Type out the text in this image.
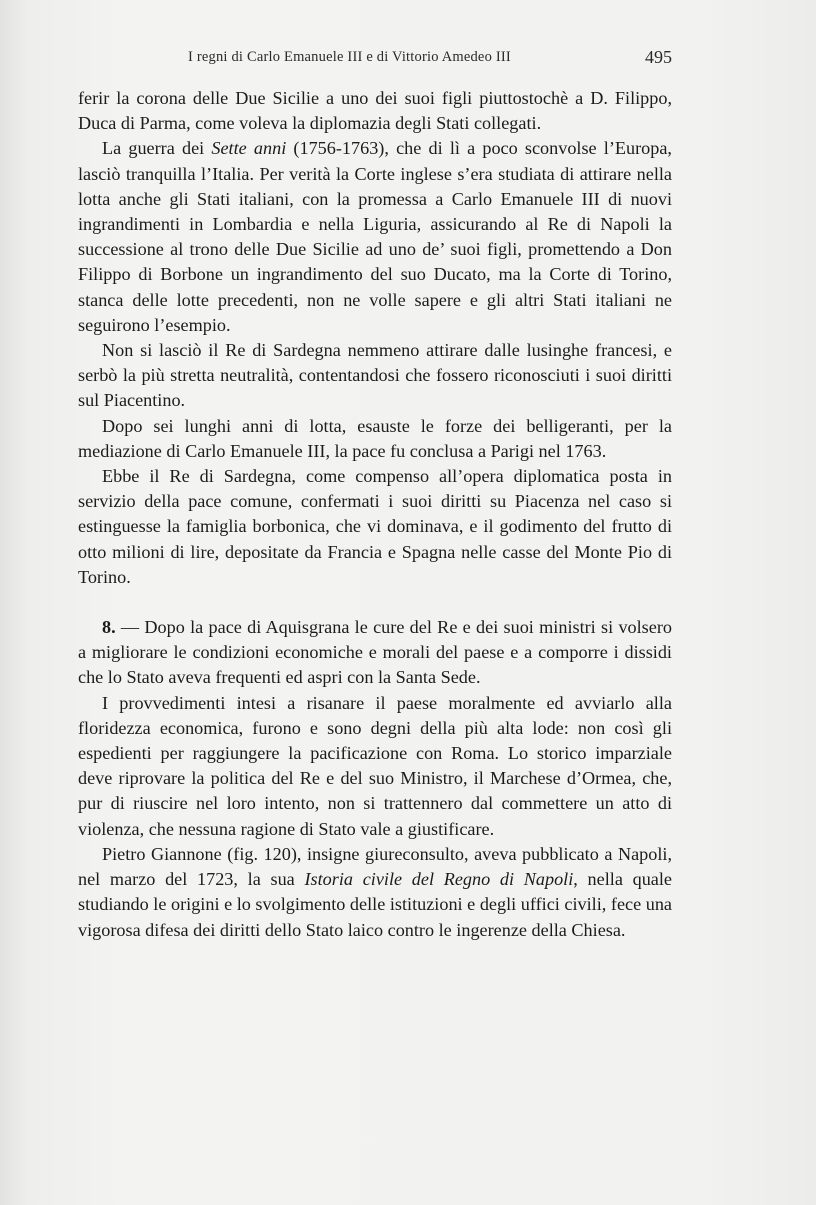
I regni di Carlo Emanuele III e di Vittorio Amedeo III	495

ferir la corona delle Due Sicilie a uno dei suoi figli piuttostochè a D. Filippo, Duca di Parma, come voleva la diplomazia degli Stati collegati.

La guerra dei Sette anni (1756-1763), che di lì a poco sconvolse l’Europa, lasciò tranquilla l’Italia. Per verità la Corte inglese s’era studiata di attirare nella lotta anche gli Stati italiani, con la promessa a Carlo Emanuele III di nuovi ingrandimenti in Lombardia e nella Liguria, assicurando al Re di Napoli la successione al trono delle Due Sicilie ad uno de’ suoi figli, promettendo a Don Filippo di Borbone un ingrandimento del suo Ducato, ma la Corte di Torino, stanca delle lotte precedenti, non ne volle sapere e gli altri Stati italiani ne seguirono l’esempio.

Non si lasciò il Re di Sardegna nemmeno attirare dalle lusinghe francesi, e serbò la più stretta neutralità, contentandosi che fossero riconosciuti i suoi diritti sul Piacentino.

Dopo sei lunghi anni di lotta, esauste le forze dei belligeranti, per la mediazione di Carlo Emanuele III, la pace fu conclusa a Parigi nel 1763.

Ebbe il Re di Sardegna, come compenso all’opera diplomatica posta in servizio della pace comune, confermati i suoi diritti su Piacenza nel caso si estinguesse la famiglia borbonica, che vi dominava, e il godimento del frutto di otto milioni di lire, depositate da Francia e Spagna nelle casse del Monte Pio di Torino.

8. — Dopo la pace di Aquisgrana le cure del Re e dei suoi ministri si volsero a migliorare le condizioni economiche e morali del paese e a comporre i dissidi che lo Stato aveva frequenti ed aspri con la Santa Sede.

I provvedimenti intesi a risanare il paese moralmente ed avviarlo alla floridezza economica, furono e sono degni della più alta lode: non così gli espedienti per raggiungere la pacificazione con Roma. Lo storico imparziale deve riprovare la politica del Re e del suo Ministro, il Marchese d’Ormea, che, pur di riuscire nel loro intento, non si trattennero dal commettere un atto di violenza, che nessuna ragione di Stato vale a giustificare.

Pietro Giannone (fig. 120), insigne giureconsulto, aveva pubblicato a Napoli, nel marzo del 1723, la sua Istoria civile del Regno di Napoli, nella quale studiando le origini e lo svolgimento delle istituzioni e degli uffici civili, fece una vigorosa difesa dei diritti dello Stato laico contro le ingerenze della Chiesa.
